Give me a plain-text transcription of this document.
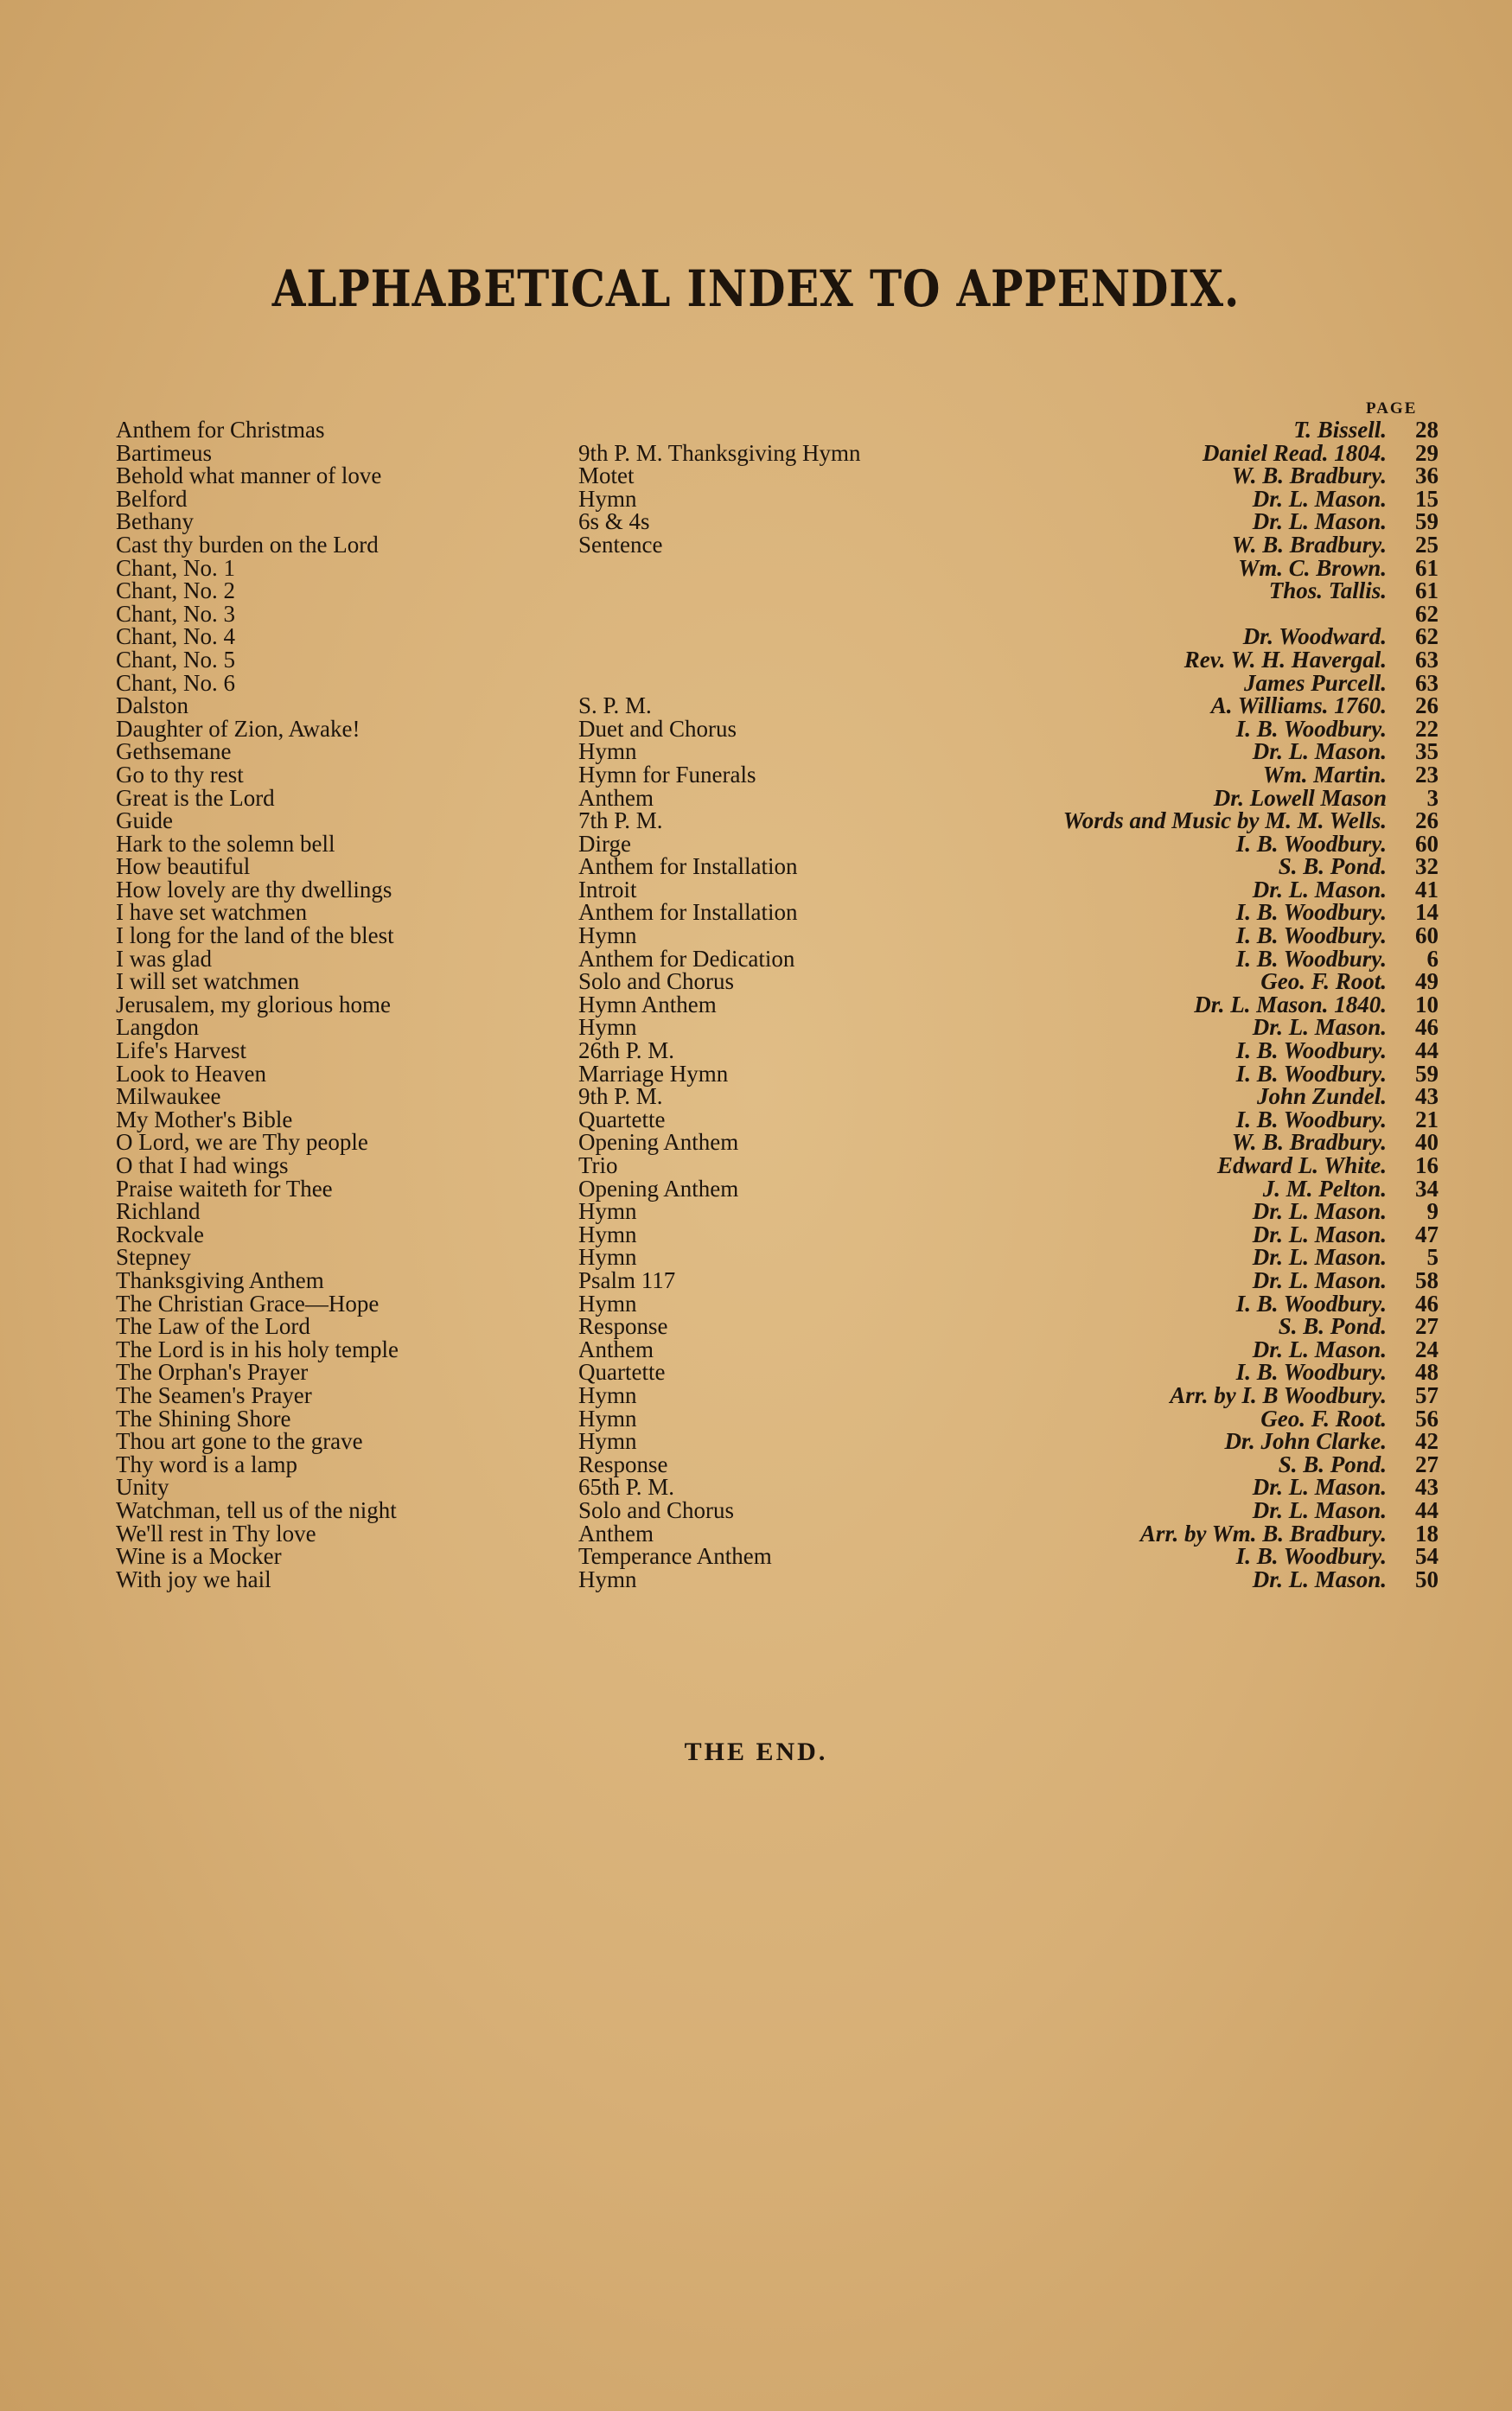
ALPHABETICAL INDEX TO APPENDIX.
PAGE
Anthem for Christmas	T. Bissell. 28
Bartimeus	9th P. M. Thanksgiving Hymn	Daniel Read. 1804. 29
Behold what manner of love	Motet	W. B. Bradbury. 36
Belford	Hymn	Dr. L. Mason. 15
Bethany	6s & 4s	Dr. L. Mason. 59
Cast thy burden on the Lord	Sentence	W. B. Bradbury. 25
Chant, No. 1	Wm. C. Brown. 61
Chant, No. 2	Thos. Tallis. 61
Chant, No. 3	62
Chant, No. 4	Dr. Woodward. 62
Chant, No. 5	Rev. W. H. Havergal. 63
Chant, No. 6	James Purcell. 63
Dalston	S. P. M.	A. Williams. 1760. 26
Daughter of Zion, Awake!	Duet and Chorus	I. B. Woodbury. 22
Gethsemane	Hymn	Dr. L. Mason. 35
Go to thy rest	Hymn for Funerals	Wm. Martin. 23
Great is the Lord	Anthem	Dr. Lowell Mason 3
Guide	7th P. M.	Words and Music by M. M. Wells. 26
Hark to the solemn bell	Dirge	I. B. Woodbury. 60
How beautiful	Anthem for Installation	S. B. Pond. 32
How lovely are thy dwellings	Introit	Dr. L. Mason. 41
I have set watchmen	Anthem for Installation	I. B. Woodbury. 14
I long for the land of the blest	Hymn	I. B. Woodbury. 60
I was glad	Anthem for Dedication	I. B. Woodbury. 6
I will set watchmen	Solo and Chorus	Geo. F. Root. 49
Jerusalem, my glorious home	Hymn Anthem	Dr. L. Mason. 1840. 10
Langdon	Hymn	Dr. L. Mason. 46
Life's Harvest	26th P. M.	I. B. Woodbury. 44
Look to Heaven	Marriage Hymn	I. B. Woodbury. 59
Milwaukee	9th P. M.	John Zundel. 43
My Mother's Bible	Quartette	I. B. Woodbury. 21
O Lord, we are Thy people	Opening Anthem	W. B. Bradbury. 40
O that I had wings	Trio	Edward L. White. 16
Praise waiteth for Thee	Opening Anthem	J. M. Pelton. 34
Richland	Hymn	Dr. L. Mason. 9
Rockvale	Hymn	Dr. L. Mason. 47
Stepney	Hymn	Dr. L. Mason. 5
Thanksgiving Anthem	Psalm 117	Dr. L. Mason. 58
The Christian Grace—Hope	Hymn	I. B. Woodbury. 46
The Law of the Lord	Response	S. B. Pond. 27
The Lord is in his holy temple	Anthem	Dr. L. Mason. 24
The Orphan's Prayer	Quartette	I. B. Woodbury. 48
The Seamen's Prayer	Hymn	Arr. by I. B Woodbury. 57
The Shining Shore	Hymn	Geo. F. Root. 56
Thou art gone to the grave	Hymn	Dr. John Clarke. 42
Thy word is a lamp	Response	S. B. Pond. 27
Unity	65th P. M.	Dr. L. Mason. 43
Watchman, tell us of the night	Solo and Chorus	Dr. L. Mason. 44
We'll rest in Thy love	Anthem	Arr. by Wm. B. Bradbury. 18
Wine is a Mocker	Temperance Anthem	I. B. Woodbury. 54
With joy we hail	Hymn	Dr. L. Mason. 50
THE END.
